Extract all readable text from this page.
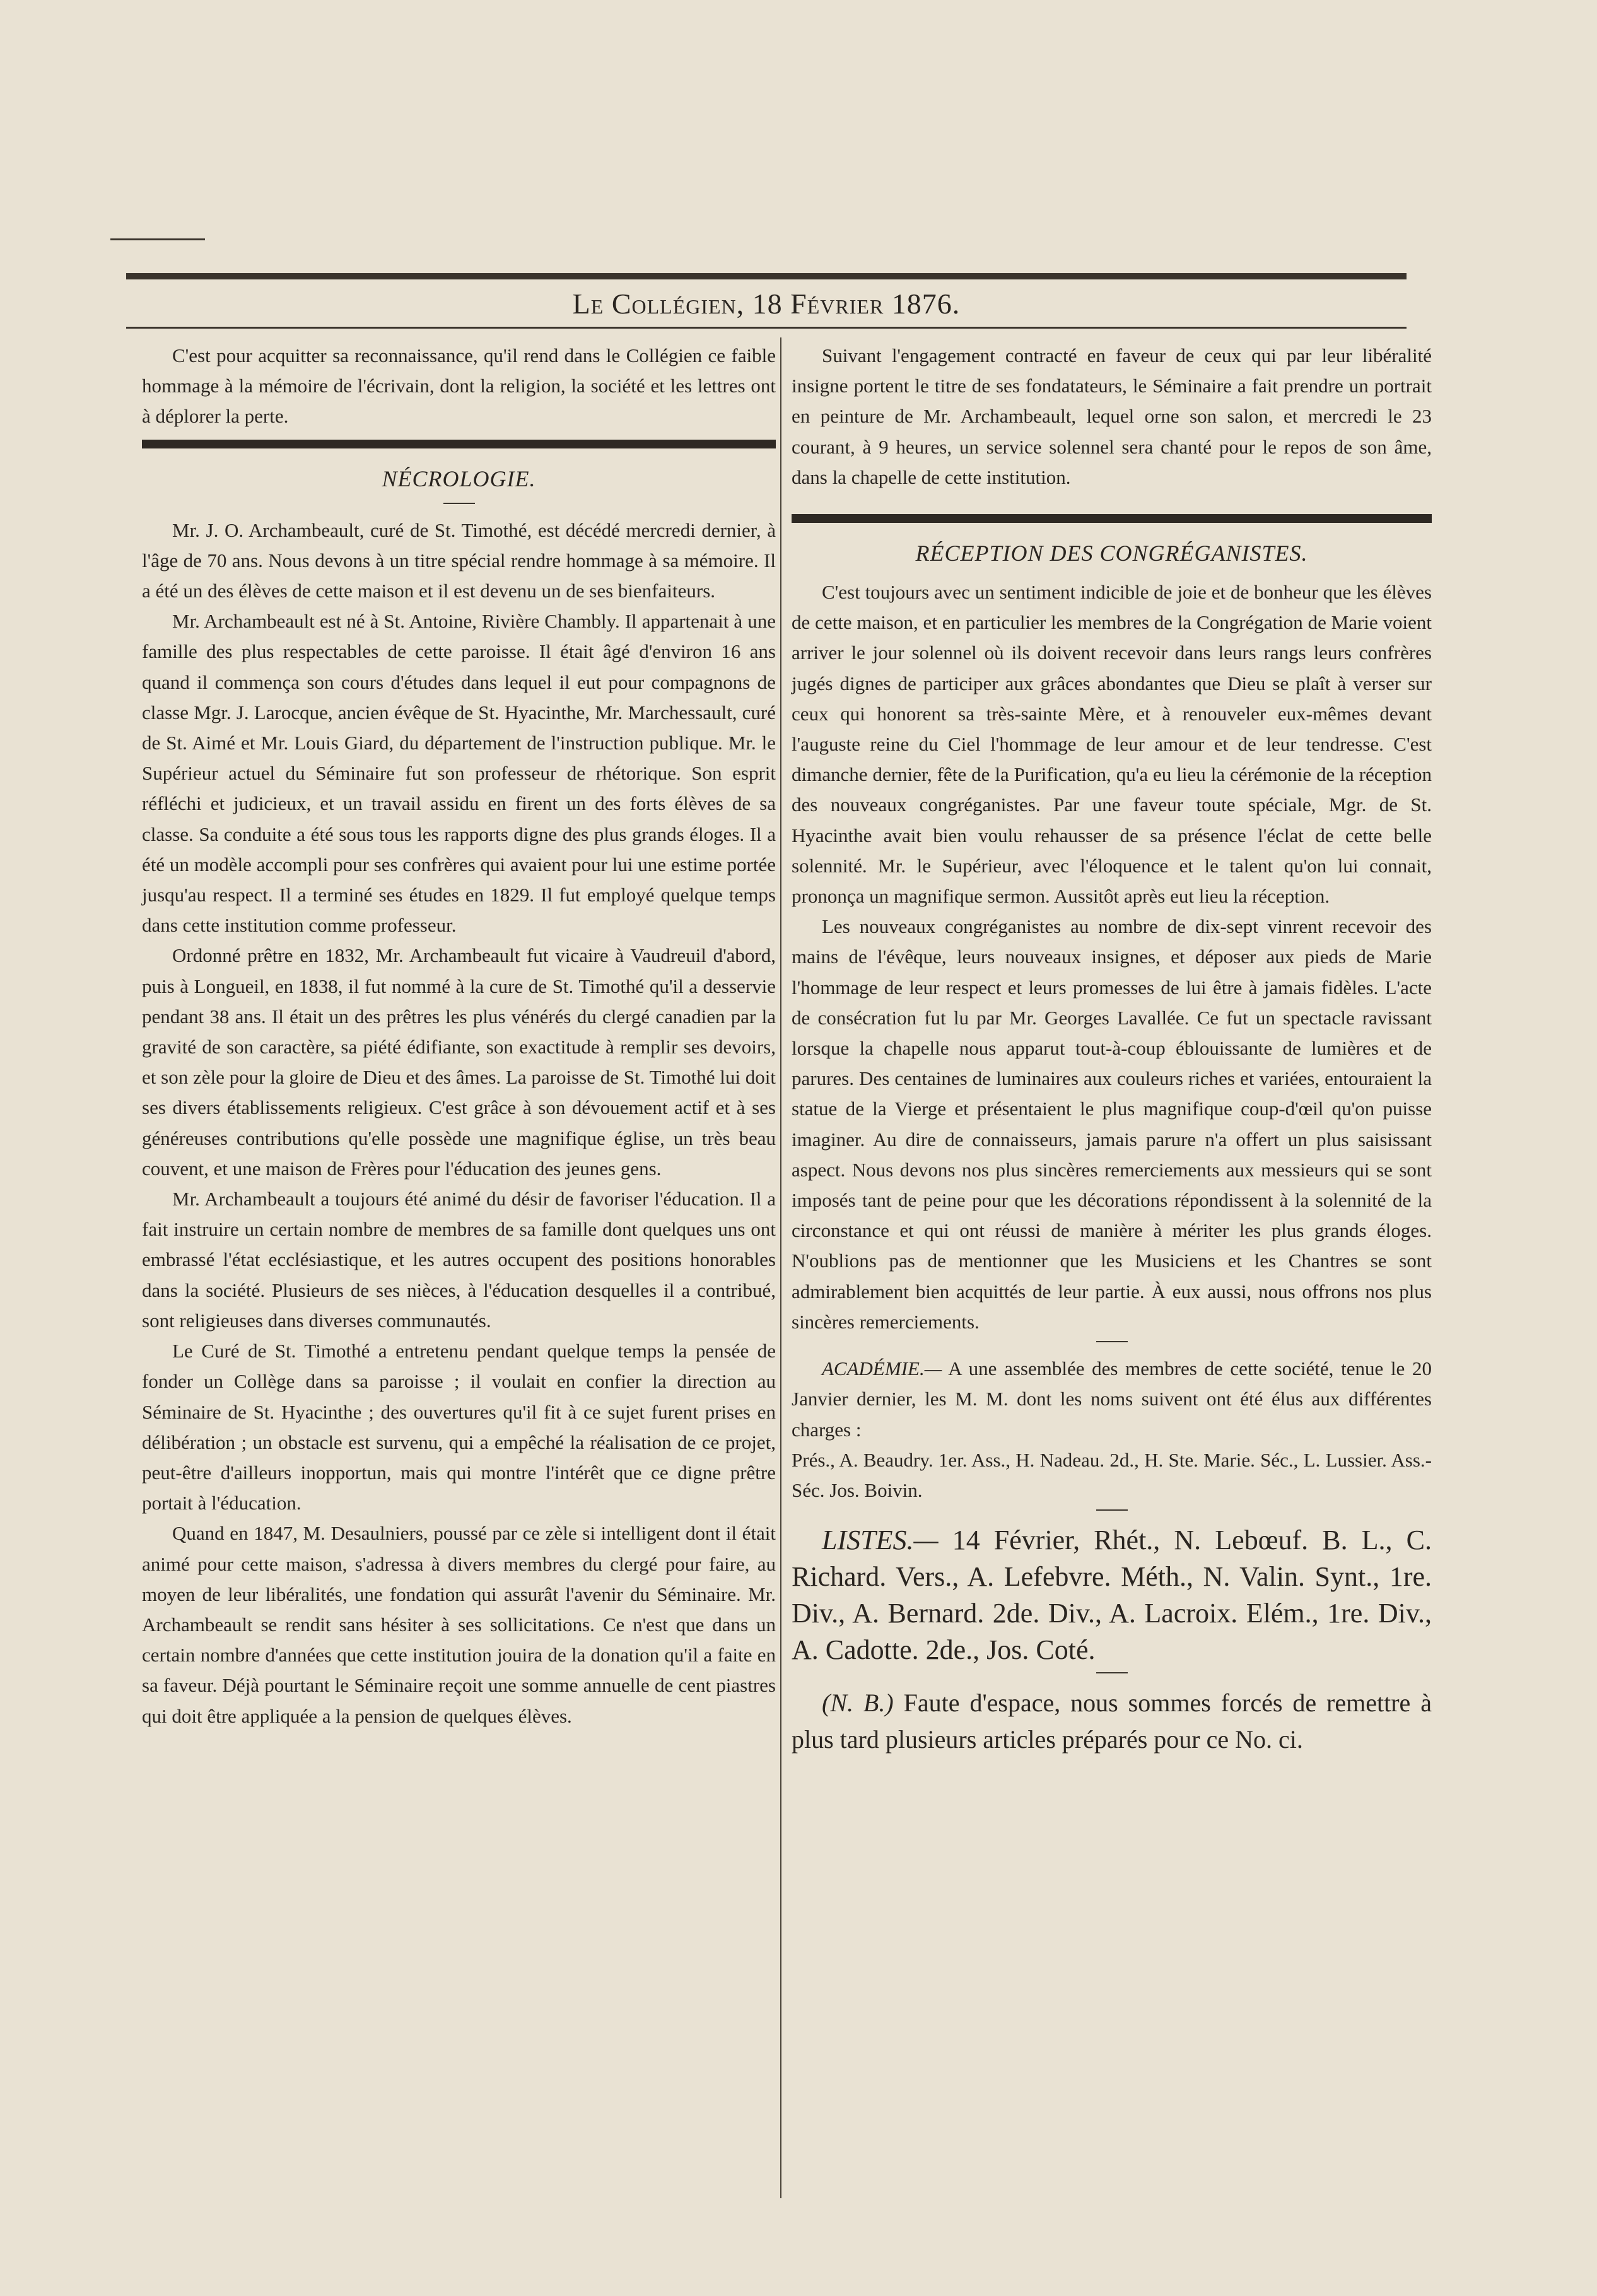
Le Collégien, 18 Février 1876.

C'est pour acquitter sa reconnaissance, qu'il rend dans le Collégien ce faible hommage à la mémoire de l'écrivain, dont la religion, la société et les lettres ont à déplorer la perte.

NÉCROLOGIE.

Mr. J. O. Archambeault, curé de St. Timothé, est décédé mercredi dernier, à l'âge de 70 ans. Nous devons à un titre spécial rendre hommage à sa mémoire. Il a été un des élèves de cette maison et il est devenu un de ses bienfaiteurs.

Mr. Archambeault est né à St. Antoine, Rivière Chambly. Il appartenait à une famille des plus respectables de cette paroisse. Il était âgé d'environ 16 ans quand il commença son cours d'études dans lequel il eut pour compagnons de classe Mgr. J. Larocque, ancien évêque de St. Hyacinthe, Mr. Marchessault, curé de St. Aimé et Mr. Louis Giard, du département de l'instruction publique. Mr. le Supérieur actuel du Séminaire fut son professeur de rhétorique. Son esprit réfléchi et judicieux, et un travail assidu en firent un des forts élèves de sa classe. Sa conduite a été sous tous les rapports digne des plus grands éloges. Il a été un modèle accompli pour ses confrères qui avaient pour lui une estime portée jusqu'au respect. Il a terminé ses études en 1829. Il fut employé quelque temps dans cette institution comme professeur.

Ordonné prêtre en 1832, Mr. Archambeault fut vicaire à Vaudreuil d'abord, puis à Longueil, en 1838, il fut nommé à la cure de St. Timothé qu'il a desservie pendant 38 ans. Il était un des prêtres les plus vénérés du clergé canadien par la gravité de son caractère, sa piété édifiante, son exactitude à remplir ses devoirs, et son zèle pour la gloire de Dieu et des âmes. La paroisse de St. Timothé lui doit ses divers établissements religieux. C'est grâce à son dévouement actif et à ses généreuses contributions qu'elle possède une magnifique église, un très beau couvent, et une maison de Frères pour l'éducation des jeunes gens.

Mr. Archambeault a toujours été animé du désir de favoriser l'éducation. Il a fait instruire un certain nombre de membres de sa famille dont quelques uns ont embrassé l'état ecclésiastique, et les autres occupent des positions honorables dans la société. Plusieurs de ses nièces, à l'éducation desquelles il a contribué, sont religieuses dans diverses communautés.

Le Curé de St. Timothé a entretenu pendant quelque temps la pensée de fonder un Collège dans sa paroisse ; il voulait en confier la direction au Séminaire de St. Hyacinthe ; des ouvertures qu'il fit à ce sujet furent prises en délibération ; un obstacle est survenu, qui a empêché la réalisation de ce projet, peut-être d'ailleurs inopportun, mais qui montre l'intérêt que ce digne prêtre portait à l'éducation.

Quand en 1847, M. Desaulniers, poussé par ce zèle si intelligent dont il était animé pour cette maison, s'adressa à divers membres du clergé pour faire, au moyen de leur libéralités, une fondation qui assurât l'avenir du Séminaire. Mr. Archambeault se rendit sans hésiter à ses sollicitations. Ce n'est que dans un certain nombre d'années que cette institution jouira de la donation qu'il a faite en sa faveur. Déjà pourtant le Séminaire reçoit une somme annuelle de cent piastres qui doit être appliquée a la pension de quelques élèves.

Suivant l'engagement contracté en faveur de ceux qui par leur libéralité insigne portent le titre de ses fondatateurs, le Séminaire a fait prendre un portrait en peinture de Mr. Archambeault, lequel orne son salon, et mercredi le 23 courant, à 9 heures, un service solennel sera chanté pour le repos de son âme, dans la chapelle de cette institution.

RÉCEPTION DES CONGRÉGANISTES.

C'est toujours avec un sentiment indicible de joie et de bonheur que les élèves de cette maison, et en particulier les membres de la Congrégation de Marie voient arriver le jour solennel où ils doivent recevoir dans leurs rangs leurs confrères jugés dignes de participer aux grâces abondantes que Dieu se plaît à verser sur ceux qui honorent sa très-sainte Mère, et à renouveler eux-mêmes devant l'auguste reine du Ciel l'hommage de leur amour et de leur tendresse. C'est dimanche dernier, fête de la Purification, qu'a eu lieu la cérémonie de la réception des nouveaux congréganistes. Par une faveur toute spéciale, Mgr. de St. Hyacinthe avait bien voulu rehausser de sa présence l'éclat de cette belle solennité. Mr. le Supérieur, avec l'éloquence et le talent qu'on lui connait, prononça un magnifique sermon. Aussitôt après eut lieu la réception.

Les nouveaux congréganistes au nombre de dix-sept vinrent recevoir des mains de l'évêque, leurs nouveaux insignes, et déposer aux pieds de Marie l'hommage de leur respect et leurs promesses de lui être à jamais fidèles. L'acte de consécration fut lu par Mr. Georges Lavallée. Ce fut un spectacle ravissant lorsque la chapelle nous apparut tout-à-coup éblouissante de lumières et de parures. Des centaines de luminaires aux couleurs riches et variées, entouraient la statue de la Vierge et présentaient le plus magnifique coup-d'œil qu'on puisse imaginer. Au dire de connaisseurs, jamais parure n'a offert un plus saisissant aspect. Nous devons nos plus sincères remerciements aux messieurs qui se sont imposés tant de peine pour que les décorations répondissent à la solennité de la circonstance et qui ont réussi de manière à mériter les plus grands éloges. N'oublions pas de mentionner que les Musiciens et les Chantres se sont admirablement bien acquittés de leur partie. À eux aussi, nous offrons nos plus sincères remerciements.

ACADÉMIE.— A une assemblée des membres de cette société, tenue le 20 Janvier dernier, les M. M. dont les noms suivent ont été élus aux différentes charges :

Prés., A. Beaudry. 1er. Ass., H. Nadeau. 2d., H. Ste. Marie. Séc., L. Lussier. Ass.-Séc. Jos. Boivin.

LISTES.— 14 Février, Rhét., N. Lebœuf. B. L., C. Richard. Vers., A. Lefebvre. Méth., N. Valin. Synt., 1re. Div., A. Bernard. 2de. Div., A. Lacroix. Elém., 1re. Div., A. Cadotte. 2de., Jos. Coté.

(N. B.) Faute d'espace, nous sommes forcés de remettre à plus tard plusieurs articles préparés pour ce No. ci.
